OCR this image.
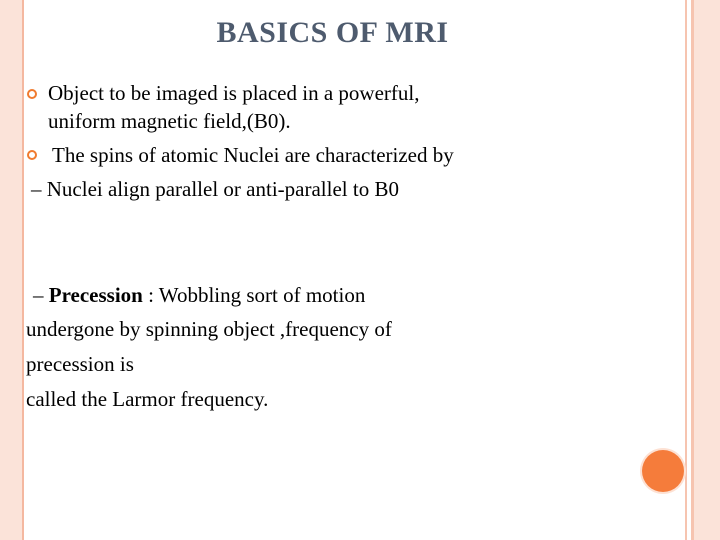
BASICS OF MRI
Object to be imaged is placed in a powerful,
uniform magnetic field,(B0).
The spins of atomic Nuclei are characterized by
– Nuclei align parallel or anti-parallel to B0
– Precession : Wobbling sort of motion
undergone by spinning object ,frequency of
precession is
called the Larmor frequency.
